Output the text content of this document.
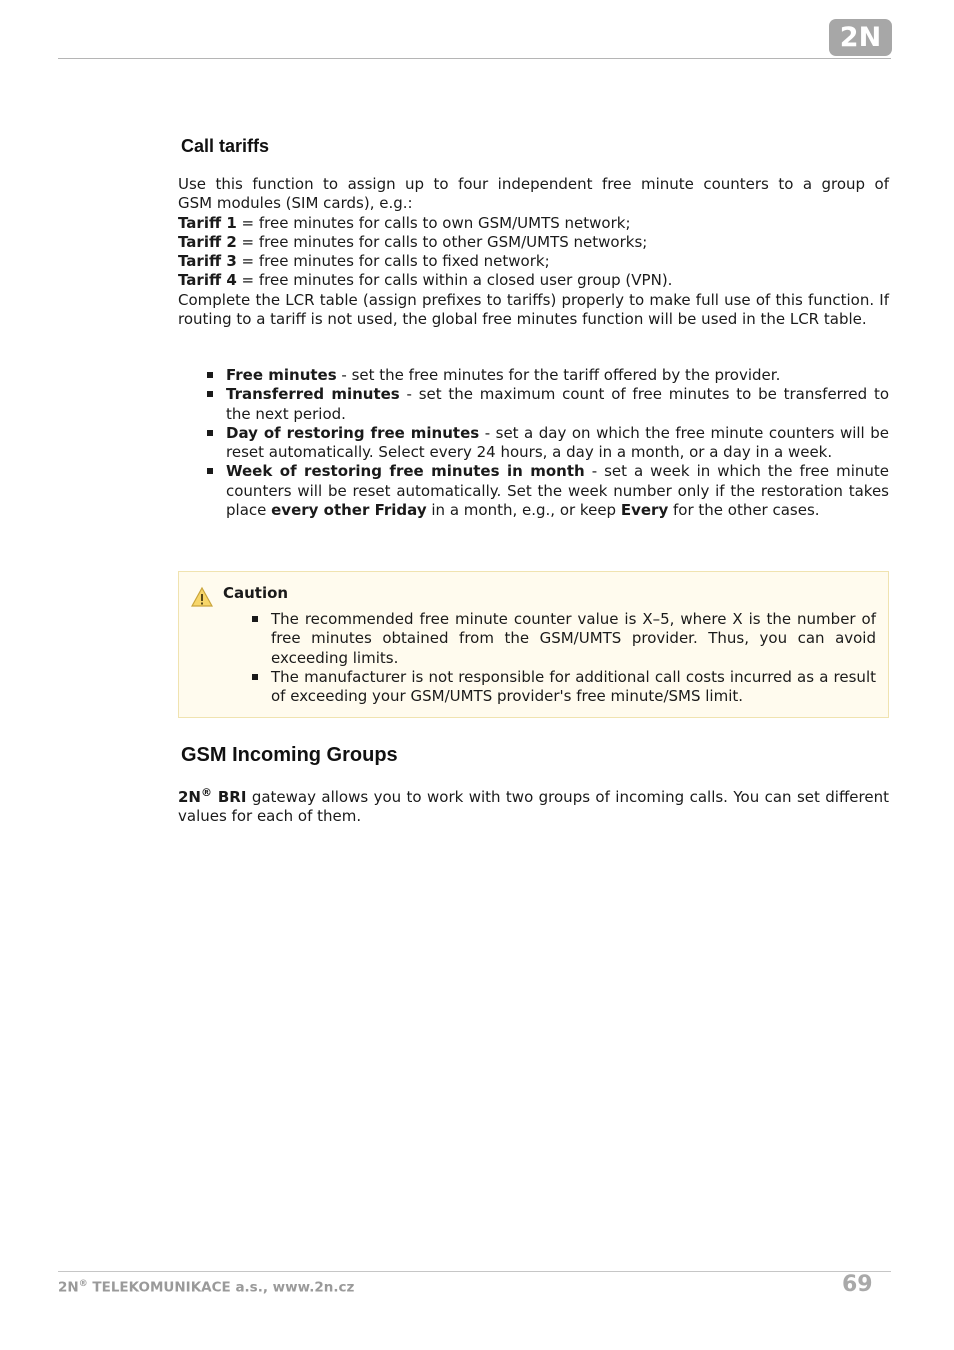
2N
Call tariffs
Use this function to assign up to four independent free minute counters to a group of
GSM modules (SIM cards), e.g.:
Tariff 1 = free minutes for calls to own GSM/UMTS network;
Tariff 2 = free minutes for calls to other GSM/UMTS networks;
Tariff 3 = free minutes for calls to fixed network;
Tariff 4 = free minutes for calls within a closed user group (VPN).
Complete the LCR table (assign prefixes to tariffs) properly to make full use of this function. If routing to a tariff is not used, the global free minutes function will be used in the LCR table.
Free minutes - set the free minutes for the tariff offered by the provider.
Transferred minutes - set the maximum count of free minutes to be transferred to the next period.
Day of restoring free minutes - set a day on which the free minute counters will be reset automatically. Select every 24 hours, a day in a month, or a day in a week.
Week of restoring free minutes in month - set a week in which the free minute counters will be reset automatically. Set the week number only if the restoration takes place every other Friday in a month, e.g., or keep Every for the other cases.
Caution
The recommended free minute counter value is X–5, where X is the number of free minutes obtained from the GSM/UMTS provider. Thus, you can avoid exceeding limits.
The manufacturer is not responsible for additional call costs incurred as a result of exceeding your GSM/UMTS provider's free minute/SMS limit.
GSM Incoming Groups

2N® BRI gateway allows you to work with two groups of incoming calls. You can set different values for each of them.

2N® TELEKOMUNIKACE a.s., www.2n.cz	69
